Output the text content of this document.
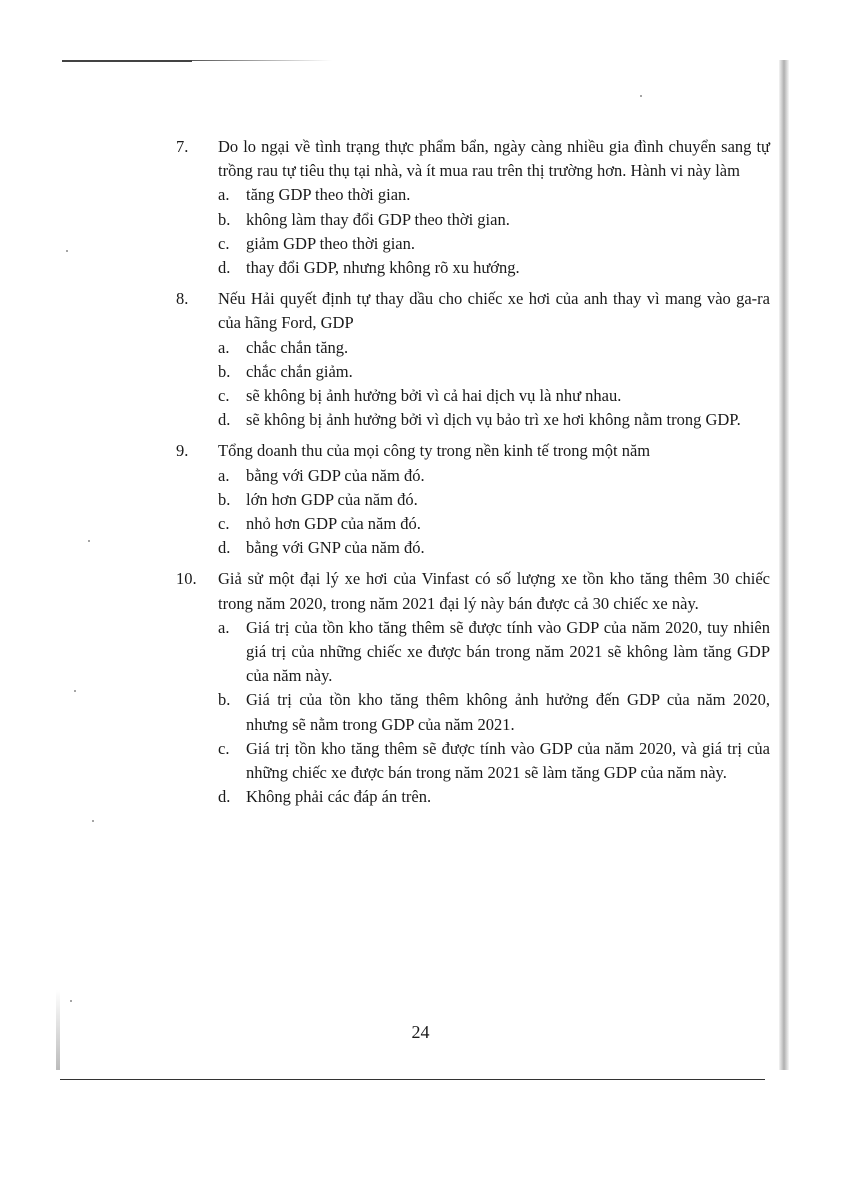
7. Do lo ngại về tình trạng thực phẩm bẩn, ngày càng nhiều gia đình chuyển sang tự trồng rau tự tiêu thụ tại nhà, và ít mua rau trên thị trường hơn. Hành vi này làm
a. tăng GDP theo thời gian.
b. không làm thay đổi GDP theo thời gian.
c. giảm GDP theo thời gian.
d. thay đổi GDP, nhưng không rõ xu hướng.
8. Nếu Hải quyết định tự thay dầu cho chiếc xe hơi của anh thay vì mang vào ga-ra của hãng Ford, GDP
a. chắc chắn tăng.
b. chắc chắn giảm.
c. sẽ không bị ảnh hưởng bởi vì cả hai dịch vụ là như nhau.
d. sẽ không bị ảnh hưởng bởi vì dịch vụ bảo trì xe hơi không nằm trong GDP.
9. Tổng doanh thu của mọi công ty trong nền kinh tế trong một năm
a. bằng với GDP của năm đó.
b. lớn hơn GDP của năm đó.
c. nhỏ hơn GDP của năm đó.
d. bằng với GNP của năm đó.
10. Giả sử một đại lý xe hơi của Vinfast có số lượng xe tồn kho tăng thêm 30 chiếc trong năm 2020, trong năm 2021 đại lý này bán được cả 30 chiếc xe này.
a. Giá trị của tồn kho tăng thêm sẽ được tính vào GDP của năm 2020, tuy nhiên giá trị của những chiếc xe được bán trong năm 2021 sẽ không làm tăng GDP của năm này.
b. Giá trị của tồn kho tăng thêm không ảnh hưởng đến GDP của năm 2020, nhưng sẽ nằm trong GDP của năm 2021.
c. Giá trị tồn kho tăng thêm sẽ được tính vào GDP của năm 2020, và giá trị của những chiếc xe được bán trong năm 2021 sẽ làm tăng GDP của năm này.
d. Không phải các đáp án trên.
24
